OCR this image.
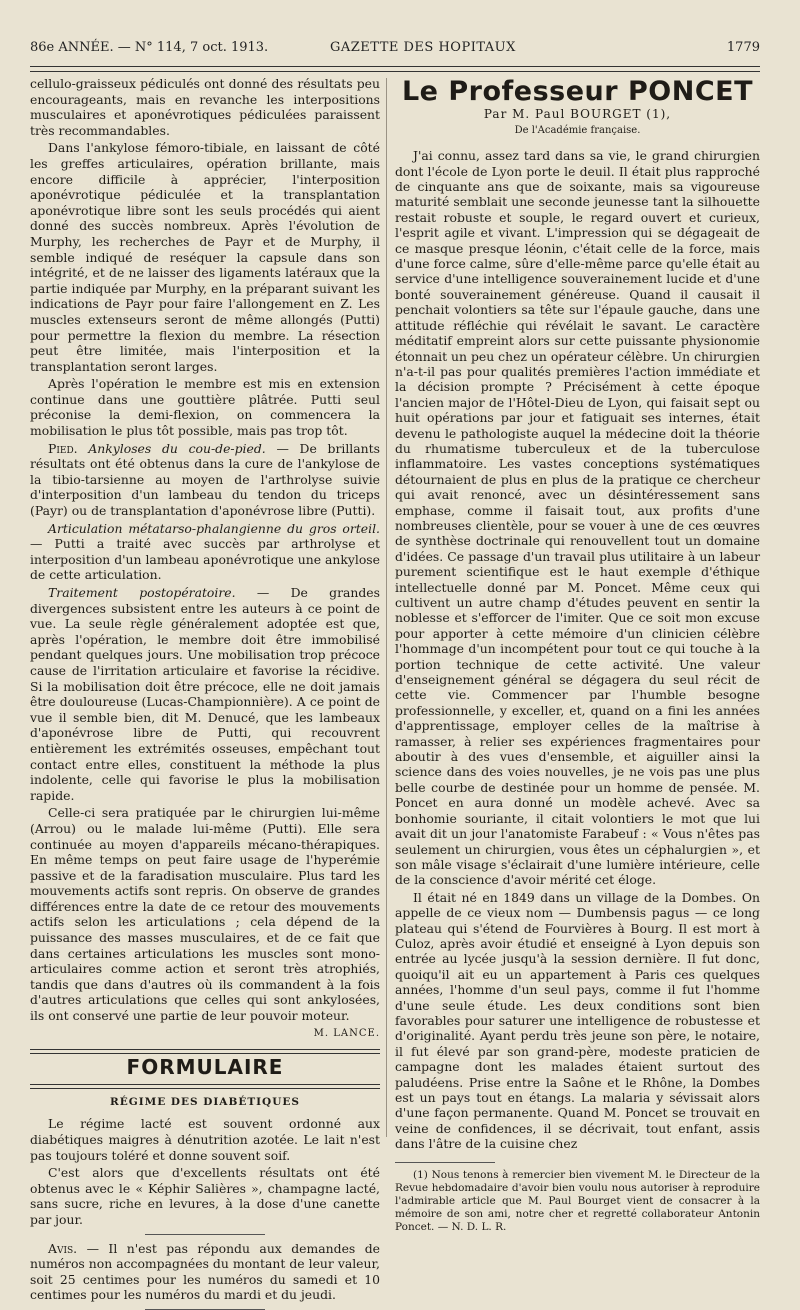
86e ANNÉE. — N° 114, 7 oct. 1913.	GAZETTE DES HOPITAUX	1779

cellulo-graisseux pédiculés ont donné des résultats peu encourageants, mais en revanche les interpositions musculaires et aponévrotiques pédiculées paraissent très recommandables.

Dans l'ankylose fémoro-tibiale, en laissant de côté les greffes articulaires, opération brillante, mais encore difficile à apprécier, l'interposition aponévrotique pédiculée et la transplantation aponévrotique libre sont les seuls procédés qui aient donné des succès nombreux. Après l'évolution de Murphy, les recherches de Payr et de Murphy, il semble indiqué de reséquer la capsule dans son intégrité, et de ne laisser des ligaments latéraux que la partie indiquée par Murphy, en la préparant suivant les indications de Payr pour faire l'allongement en Z. Les muscles extenseurs seront de même allongés (Putti) pour permettre la flexion du membre. La résection peut être limitée, mais l'interposition et la transplantation seront larges.

Après l'opération le membre est mis en extension continue dans une gouttière plâtrée. Putti seul préconise la demi-flexion, on commencera la mobilisation le plus tôt possible, mais pas trop tôt.

Pied. Ankyloses du cou-de-pied. — De brillants résultats ont été obtenus dans la cure de l'ankylose de la tibio-tarsienne au moyen de l'arthrolyse suivie d'interposition d'un lambeau du tendon du triceps (Payr) ou de transplantation d'aponévrose libre (Putti).

Articulation métatarso-phalangienne du gros orteil. — Putti a traité avec succès par arthrolyse et interposition d'un lambeau aponévrotique une ankylose de cette articulation.

Traitement postopératoire. — De grandes divergences subsistent entre les auteurs à ce point de vue. La seule règle généralement adoptée est que, après l'opération, le membre doit être immobilisé pendant quelques jours. Une mobilisation trop précoce cause de l'irritation articulaire et favorise la récidive. Si la mobilisation doit être précoce, elle ne doit jamais être douloureuse (Lucas-Championnière). A ce point de vue il semble bien, dit M. Denucé, que les lambeaux d'aponévrose libre de Putti, qui recouvrent entièrement les extrémités osseuses, empêchant tout contact entre elles, constituent la méthode la plus indolente, celle qui favorise le plus la mobilisation rapide.

Celle-ci sera pratiquée par le chirurgien lui-même (Arrou) ou le malade lui-même (Putti). Elle sera continuée au moyen d'appareils mécano-thérapiques. En même temps on peut faire usage de l'hyperémie passive et de la faradisation musculaire. Plus tard les mouvements actifs sont repris. On observe de grandes différences entre la date de ce retour des mouvements actifs selon les articulations ; cela dépend de la puissance des masses musculaires, et de ce fait que dans certaines articulations les muscles sont mono-articulaires comme action et seront très atrophiés, tandis que dans d'autres où ils commandent à la fois d'autres articulations que celles qui sont ankylosées, ils ont conservé une partie de leur pouvoir moteur.

M. LANCE.
FORMULAIRE
RÉGIME DES DIABÉTIQUES

Le régime lacté est souvent ordonné aux diabétiques maigres à dénutrition azotée. Le lait n'est pas toujours toléré et donne souvent soif.

C'est alors que d'excellents résultats ont été obtenus avec le « Képhir Salières », champagne lacté, sans sucre, riche en levures, à la dose d'une canette par jour.

Avis. — Il n'est pas répondu aux demandes de numéros non accompagnées du montant de leur valeur, soit 25 centimes pour les numéros du samedi et 10 centimes pour les numéros du mardi et du jeudi.

Le Professeur PONCET
Par M. Paul BOURGET (1),
De l'Académie française.

J'ai connu, assez tard dans sa vie, le grand chirurgien dont l'école de Lyon porte le deuil. Il était plus rapproché de cinquante ans que de soixante, mais sa vigoureuse maturité semblait une seconde jeunesse tant la silhouette restait robuste et souple, le regard ouvert et curieux, l'esprit agile et vivant. L'impression qui se dégageait de ce masque presque léonin, c'était celle de la force, mais d'une force calme, sûre d'elle-même parce qu'elle était au service d'une intelligence souverainement lucide et d'une bonté souverainement généreuse. Quand il causait il penchait volontiers sa tête sur l'épaule gauche, dans une attitude réfléchie qui révélait le savant. Le caractère méditatif empreint alors sur cette puissante physionomie étonnait un peu chez un opérateur célèbre. Un chirurgien n'a-t-il pas pour qualités premières l'action immédiate et la décision prompte ? Précisément à cette époque l'ancien major de l'Hôtel-Dieu de Lyon, qui faisait sept ou huit opérations par jour et fatiguait ses internes, était devenu le pathologiste auquel la médecine doit la théorie du rhumatisme tuberculeux et de la tuberculose inflammatoire. Les vastes conceptions systématiques détournaient de plus en plus de la pratique ce chercheur qui avait renoncé, avec un désintéressement sans emphase, comme il faisait tout, aux profits d'une nombreuses clientèle, pour se vouer à une de ces œuvres de synthèse doctrinale qui renouvellent tout un domaine d'idées. Ce passage d'un travail plus utilitaire à un labeur purement scientifique est le haut exemple d'éthique intellectuelle donné par M. Poncet. Même ceux qui cultivent un autre champ d'études peuvent en sentir la noblesse et s'efforcer de l'imiter. Que ce soit mon excuse pour apporter à cette mémoire d'un clinicien célèbre l'hommage d'un incompétent pour tout ce qui touche à la portion technique de cette activité. Une valeur d'enseignement général se dégagera du seul récit de cette vie. Commencer par l'humble besogne professionnelle, y exceller, et, quand on a fini les années d'apprentissage, employer celles de la maîtrise à ramasser, à relier ses expériences fragmentaires pour aboutir à des vues d'ensemble, et aiguiller ainsi la science dans des voies nouvelles, je ne vois pas une plus belle courbe de destinée pour un homme de pensée. M. Poncet en aura donné un modèle achevé. Avec sa bonhomie souriante, il citait volontiers le mot que lui avait dit un jour l'anatomiste Farabeuf : « Vous n'êtes pas seulement un chirurgien, vous êtes un céphalurgien », et son mâle visage s'éclairait d'une lumière intérieure, celle de la conscience d'avoir mérité cet éloge.

Il était né en 1849 dans un village de la Dombes. On appelle de ce vieux nom — Dumbensis pagus — ce long plateau qui s'étend de Fourvières à Bourg. Il est mort à Culoz, après avoir étudié et enseigné à Lyon depuis son entrée au lycée jusqu'à la session dernière. Il fut donc, quoiqu'il ait eu un appartement à Paris ces quelques années, l'homme d'un seul pays, comme il fut l'homme d'une seule étude. Les deux conditions sont bien favorables pour saturer une intelligence de robustesse et d'originalité. Ayant perdu très jeune son père, le notaire, il fut élevé par son grand-père, modeste praticien de campagne dont les malades étaient surtout des paludéens. Prise entre la Saône et le Rhône, la Dombes est un pays tout en étangs. La malaria y sévissait alors d'une façon permanente. Quand M. Poncet se trouvait en veine de confidences, il se décrivait, tout enfant, assis dans l'âtre de la cuisine chez

(1) Nous tenons à remercier bien vivement M. le Directeur de la Revue hebdomadaire d'avoir bien voulu nous autoriser à reproduire l'admirable article que M. Paul Bourget vient de consacrer à la mémoire de son ami, notre cher et regretté collaborateur Antonin Poncet. — N. D. L. R.
